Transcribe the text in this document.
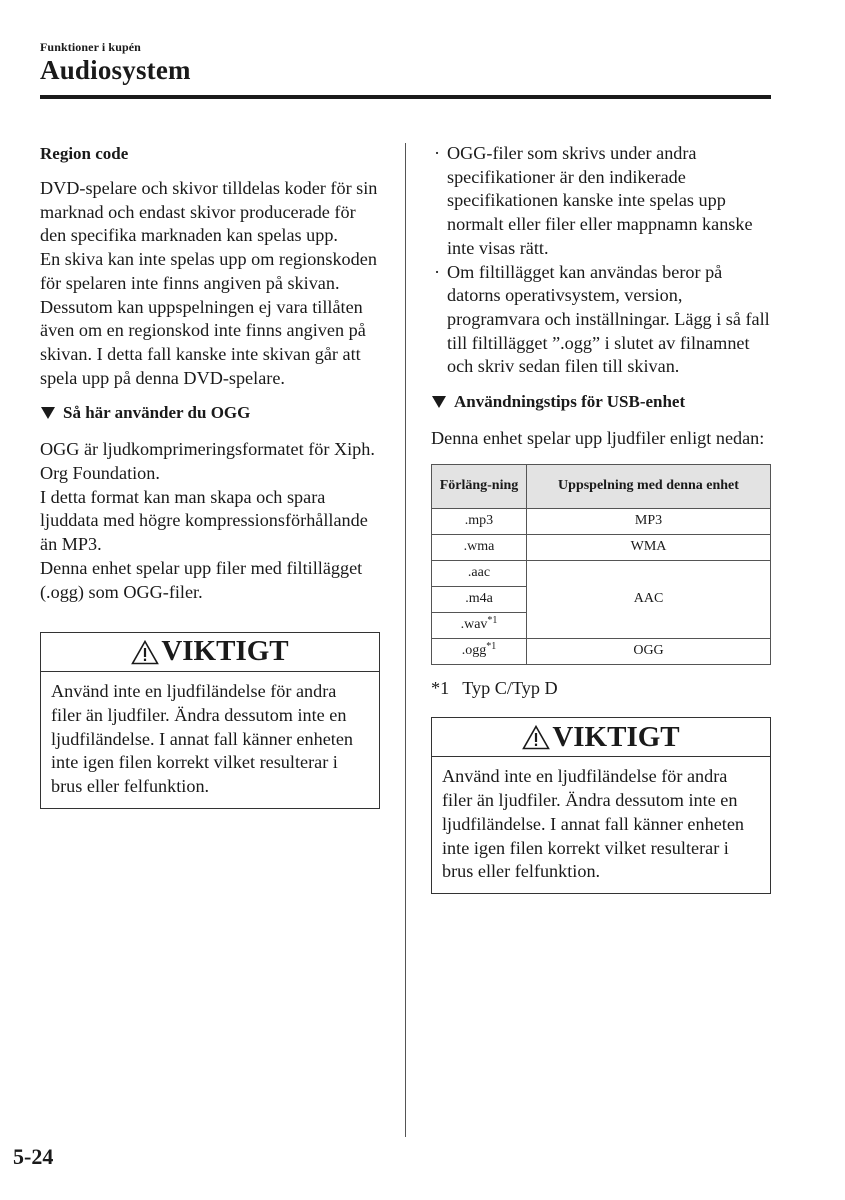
Funktioner i kupén
Audiosystem

Region code

DVD-spelare och skivor tilldelas koder för sin marknad och endast skivor producerade för den specifika marknaden kan spelas upp.

En skiva kan inte spelas upp om regionskoden för spelaren inte finns angiven på skivan.

Dessutom kan uppspelningen ej vara tillåten även om en regionskod inte finns angiven på skivan. I detta fall kanske inte skivan går att spela upp på denna DVD-spelare.

Så här använder du OGG

OGG är ljudkomprimeringsformatet för Xiph. Org Foundation.

I detta format kan man skapa och spara ljuddata med högre kompressionsförhållande än MP3.

Denna enhet spelar upp filer med filtillägget (.ogg) som OGG-filer.

VIKTIGT
Använd inte en ljudfiländelse för andra filer än ljudfiler. Ändra dessutom inte en ljudfiländelse. I annat fall känner enheten inte igen filen korrekt vilket resulterar i brus eller felfunktion.
· OGG-filer som skrivs under andra specifikationer är den indikerade specifikationen kanske inte spelas upp normalt eller filer eller mappnamn kanske inte visas rätt.
· Om filtillägget kan användas beror på datorns operativsystem, version, programvara och inställningar. Lägg i så fall till filtillägget ”.ogg” i slutet av filnamnet och skriv sedan filen till skivan.
Användningstips för USB-enhet

Denna enhet spelar upp ljudfiler enligt nedan:

Förläng-ning	Uppspelning med denna enhet
.mp3	MP3
.wma	WMA
.aac	AAC
.m4a	
.wav$^{*1}$
.ogg$^{*1}$	OGG

*1 Typ C/Typ D

VIKTIGT
Använd inte en ljudfiländelse för andra filer än ljudfiler. Ändra dessutom inte en ljudfiländelse. I annat fall känner enheten inte igen filen korrekt vilket resulterar i brus eller felfunktion.
5-24
